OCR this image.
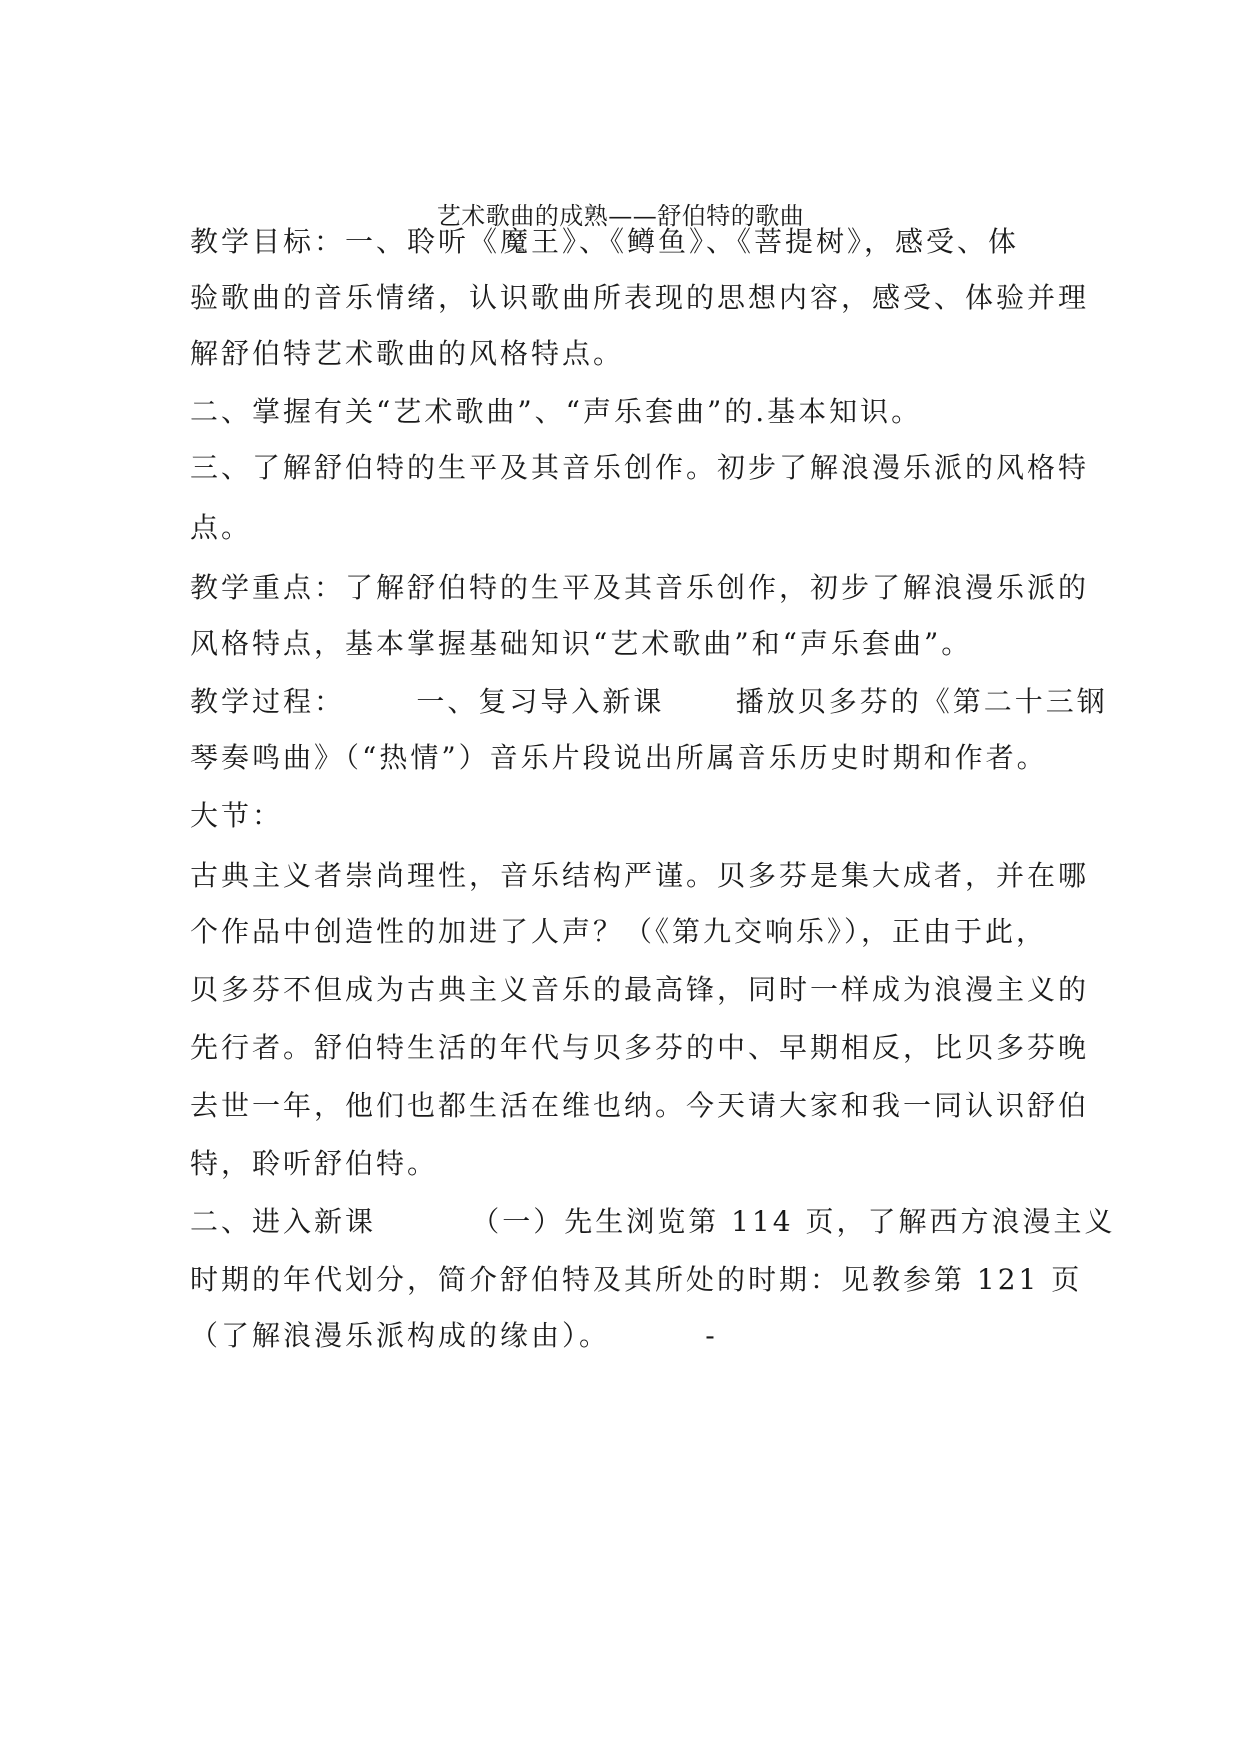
艺术歌曲的成熟——舒伯特的歌曲
教学目标：一、聆听《魔王》、《鳟鱼》、《菩提树》，感受、体
验歌曲的音乐情绪，认识歌曲所表现的思想内容，感受、体验并理
解舒伯特艺术歌曲的风格特点。
二、掌握有关“艺术歌曲”、“声乐套曲”的.基本知识。
三、了解舒伯特的生平及其音乐创作。初步了解浪漫乐派的风格特
点。
教学重点：了解舒伯特的生平及其音乐创作，初步了解浪漫乐派的
风格特点，基本掌握基础知识“艺术歌曲”和“声乐套曲”。
教学过程：      一、复习导入新课      播放贝多芬的《第二十三钢
琴奏鸣曲》（“热情”）音乐片段说出所属音乐历史时期和作者。
大节：
古典主义者崇尚理性，音乐结构严谨。贝多芬是集大成者，并在哪
个作品中创造性的加进了人声？（《第九交响乐》），正由于此，
贝多芬不但成为古典主义音乐的最高锋，同时一样成为浪漫主义的
先行者。舒伯特生活的年代与贝多芬的中、早期相反，比贝多芬晚
去世一年，他们也都生活在维也纳。今天请大家和我一同认识舒伯
特，聆听舒伯特。
二、进入新课        （一）先生浏览第 114 页，了解西方浪漫主义
时期的年代划分，简介舒伯特及其所处的时期：见教参第 121 页
（了解浪漫乐派构成的缘由）。        -
